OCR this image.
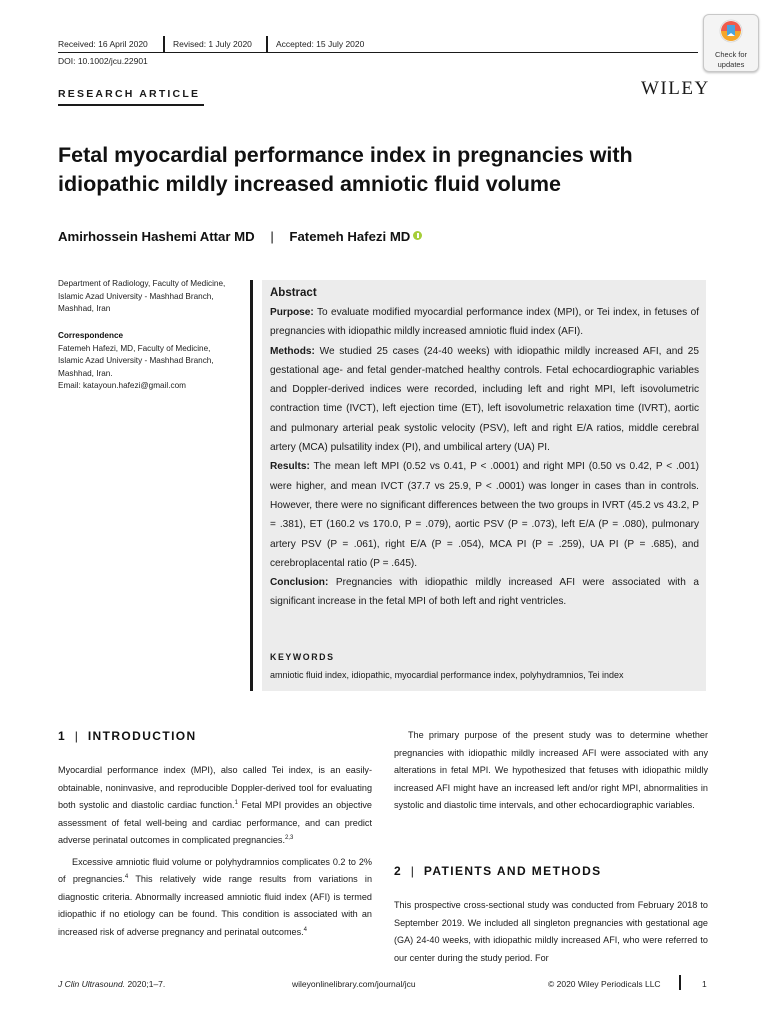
Received: 16 April 2020	Revised: 1 July 2020	Accepted: 15 July 2020
DOI: 10.1002/jcu.22901
Check for
updates
RESEARCH ARTICLE	WILEY
Fetal myocardial performance index in pregnancies with
idiopathic mildly increased amniotic fluid volume
Amirhossein Hashemi Attar MD | Fatemeh Hafezi MD
Department of Radiology, Faculty of Medicine,
Islamic Azad University - Mashhad Branch,
Mashhad, Iran
Correspondence
Fatemeh Hafezi, MD, Faculty of Medicine,
Islamic Azad University - Mashhad Branch,
Mashhad, Iran.
Email: katayoun.hafezi@gmail.com
Abstract

Purpose: To evaluate modified myocardial performance index (MPI), or Tei index, in fetuses of pregnancies with idiopathic mildly increased amniotic fluid index (AFI).

Methods: We studied 25 cases (24-40 weeks) with idiopathic mildly increased AFI, and 25 gestational age- and fetal gender-matched healthy controls. Fetal echocardiographic variables and Doppler-derived indices were recorded, including left and right MPI, left isovolumetric contraction time (IVCT), left ejection time (ET), left isovolumetric relaxation time (IVRT), aortic and pulmonary arterial peak systolic velocity (PSV), left and right E/A ratios, middle cerebral artery (MCA) pulsatility index (PI), and umbilical artery (UA) PI.

Results: The mean left MPI (0.52 vs 0.41, P < .0001) and right MPI (0.50 vs 0.42, P < .001) were higher, and mean IVCT (37.7 vs 25.9, P < .0001) was longer in cases than in controls. However, there were no significant differences between the two groups in IVRT (45.2 vs 43.2, P = .381), ET (160.2 vs 170.0, P = .079), aortic PSV (P = .073), left E/A (P = .080), pulmonary artery PSV (P = .061), right E/A (P = .054), MCA PI (P = .259), UA PI (P = .685), and cerebroplacental ratio (P = .645).

Conclusion: Pregnancies with idiopathic mildly increased AFI were associated with a significant increase in the fetal MPI of both left and right ventricles.

KEYWORDS
amniotic fluid index, idiopathic, myocardial performance index, polyhydramnios, Tei index
1 | INTRODUCTION

Myocardial performance index (MPI), also called Tei index, is an easily-obtainable, noninvasive, and reproducible Doppler-derived tool for evaluating both systolic and diastolic cardiac function.$^1$ Fetal MPI provides an objective assessment of fetal well-being and cardiac performance, and can predict adverse perinatal outcomes in complicated pregnancies.$^{2,3}$

Excessive amniotic fluid volume or polyhydramnios complicates 0.2 to 2% of pregnancies.$^4$ This relatively wide range results from variations in diagnostic criteria. Abnormally increased amniotic fluid index (AFI) is termed idiopathic if no etiology can be found. This condition is associated with an increased risk of adverse pregnancy and perinatal outcomes.$^4$

The primary purpose of the present study was to determine whether pregnancies with idiopathic mildly increased AFI were associated with any alterations in fetal MPI. We hypothesized that fetuses with idiopathic mildly increased AFI might have an increased left and/or right MPI, abnormalities in systolic and diastolic time intervals, and other echocardiographic variables.

2 | PATIENTS AND METHODS

This prospective cross-sectional study was conducted from February 2018 to September 2019. We included all singleton pregnancies with gestational age (GA) 24-40 weeks, with idiopathic mildly increased AFI, who were referred to our center during the study period. For

J Clin Ultrasound. 2020;1–7.	wileyonlinelibrary.com/journal/jcu	© 2020 Wiley Periodicals LLC	1
